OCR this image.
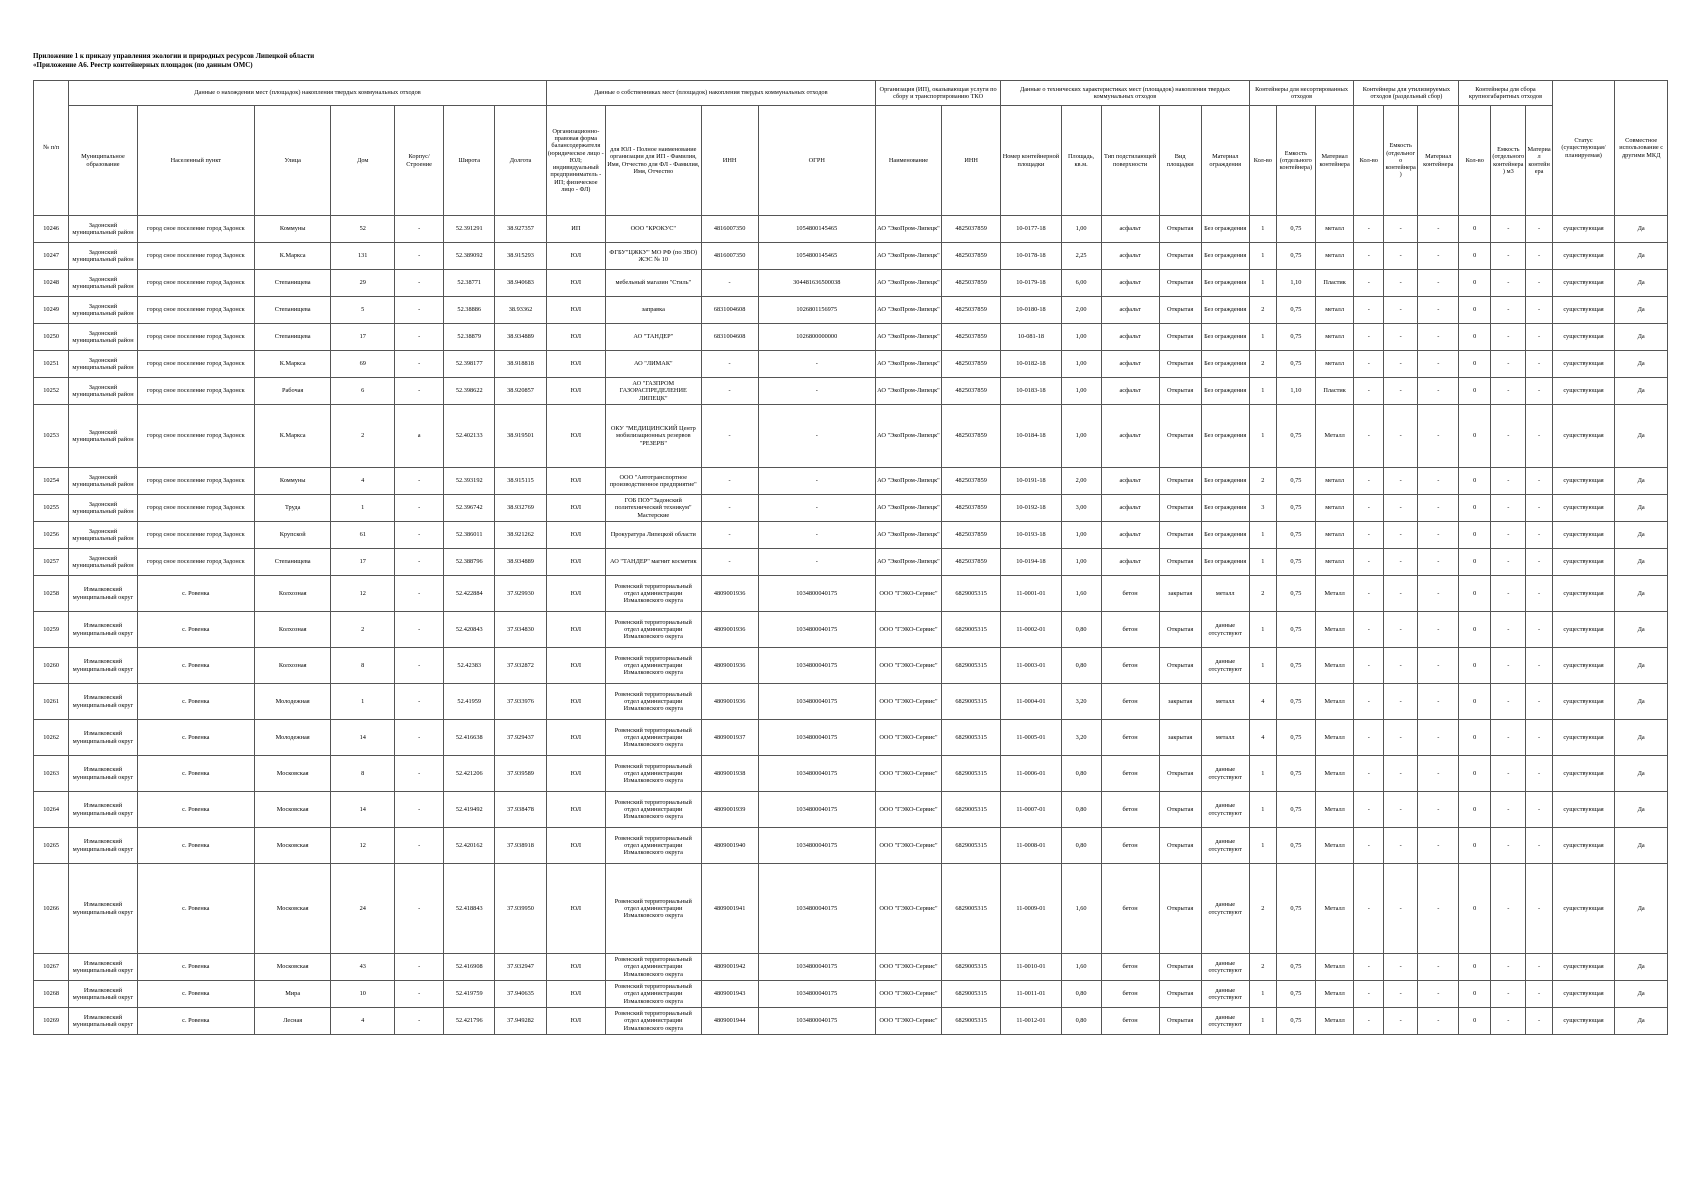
Приложение 1 к приказу управления экологии и природных ресурсов Липецкой области
«Приложение А6. Реестр контейнерных площадок (по данным ОМС)
№ п/п	Данные о нахождении мест (площадок) накопления твердых коммунальных отходов							Данные о собственниках мест (площадок) накопления твердых коммунальных отходов				Организация (ИП), оказывающая услуги по сбору и транспортированию ТКО		Данные о технических характеристиках мест (площадок) накопления твердых коммунальных отходов					Контейнеры для несортированных отходов			Контейнеры для утилизируемых отходов (раздельный сбор)			Контейнеры для сбора крупногабаритных отходов			Статус (существующая/планируемая)	Совместное использование с другими МКД
	Муниципальное образование	Населенный пункт	Улица	Дом	Корпус/Строение	Широта	Долгота	Организационно-правовая форма балансодержателя (юридическое лицо - ЮЛ; индивидуальный предприниматель - ИП; физическое лицо - ФЛ)	для ЮЛ - Полное наименование организации для ИП - Фамилия, Имя, Отчество для ФЛ - Фамилия, Имя, Отчество	ИНН	ОГРН	Наименование	ИНН	Номер контейнерной площадки	Площадь, кв.м.	Тип подстилающей поверхности	Вид площадки	Материал ограждения	Кол-во	Емкость (отдельного контейнера)	Материал контейнера	Кол-во	Емкость (отдельного контейнера)	Материал контейнера	Кол-во	Емкость (отдельного контейнера) м3	Материал контейнера		
10246	Задонский муниципальный район	город сное поселение город Задонск	Коммуны	52	-	52.391291	38.927357	ИП	ООО "КРОКУС"	4816007350	1054800145465	АО "ЭкоПром-Липецк"	4825037859	10-0177-18	1,00	асфальт	Открытая	Без ограждения	1	0,75	металл	-	-	-	0	-	-	существующая	Да
10247	Задонский муниципальный район	город сное поселение город Задонск	К.Маркса	131	-	52.389092	38.915293	ЮЛ	ФГБУ"ЦЖКУ" МО РФ (по ЗВО) ЖЭС № 10	4816007350	1054800145465	АО "ЭкоПром-Липецк"	4825037859	10-0178-18	2,25	асфальт	Открытая	Без ограждения	1	0,75	металл	-	-	-	0	-	-	существующая	Да
10248	Задонский муниципальный район	город сное поселение город Задонск	Степанищева	29	-	52.38771	38.940683	ЮЛ	мебельный магазин "Стиль"	-	304481636500038	АО "ЭкоПром-Липецк"	4825037859	10-0179-18	6,00	асфальт	Открытая	Без ограждения	1	1,10	Пластик	-	-	-	0	-	-	существующая	Да
10249	Задонский муниципальный район	город сное поселение город Задонск	Степанищева	5	-	52.38886	38.93362	ЮЛ	заправка	6831004608	1026801156975	АО "ЭкоПром-Липецк"	4825037859	10-0180-18	2,00	асфальт	Открытая	Без ограждения	2	0,75	металл	-	-	-	0	-	-	существующая	Да
10250	Задонский муниципальный район	город сное поселение город Задонск	Степанищева	17	-	52.38879	38.934889	ЮЛ	АО "ТАНДЕР"	6831004608	1026800000000	АО "ЭкоПром-Липецк"	4825037859	10-081-18	1,00	асфальт	Открытая	Без ограждения	1	0,75	металл	-	-	-	0	-	-	существующая	Да
10251	Задонский муниципальный район	город сное поселение город Задонск	К.Маркса	69	-	52.398177	38.918818	ЮЛ	АО "ЛИМАК"	-	-	АО "ЭкоПром-Липецк"	4825037859	10-0182-18	1,00	асфальт	Открытая	Без ограждения	2	0,75	металл	-	-	-	0	-	-	существующая	Да
10252	Задонский муниципальный район	город сное поселение город Задонск	Рабочая	6	-	52.398622	38.920857	ЮЛ	АО "ГАЗПРОМ ГАЗОРАСПРЕДЕЛЕНИЕ ЛИПЕЦК"	-	-	АО "ЭкоПром-Липецк"	4825037859	10-0183-18	1,00	асфальт	Открытая	Без ограждения	1	1,10	Пластик	-	-	-	0	-	-	существующая	Да
10253	Задонский муниципальный район	город сное поселение город Задонск	К.Маркса	2	а	52.402133	38.919501	ЮЛ	ОКУ "МЕДИЦИНСКИЙ Центр мобилизационных резервов "РЕЗЕРВ"	-	-	АО "ЭкоПром-Липецк"	4825037859	10-0184-18	1,00	асфальт	Открытая	Без ограждения	1	0,75	Металл	-	-	-	0	-	-	существующая	Да
10254	Задонский муниципальный район	город сное поселение город Задонск	Коммуны	4	-	52.393192	38.915115	ЮЛ	ООО "Автотранспортное производственное предприятие"	-	-	АО "ЭкоПром-Липецк"	4825037859	10-0191-18	2,00	асфальт	Открытая	Без ограждения	2	0,75	металл	-	-	-	0	-	-	существующая	Да
10255	Задонский муниципальный район	город сное поселение город Задонск	Труда	1	-	52.396742	38.932769	ЮЛ	ГОБ ПОУ"Задонский политехнический техникум" Мастерские	-	-	АО "ЭкоПром-Липецк"	4825037859	10-0192-18	3,00	асфальт	Открытая	Без ограждения	3	0,75	металл	-	-	-	0	-	-	существующая	Да
10256	Задонский муниципальный район	город сное поселение город Задонск	Крупской	61	-	52.386011	38.921262	ЮЛ	Прокуратура Липецкой области	-	-	АО "ЭкоПром-Липецк"	4825037859	10-0193-18	1,00	асфальт	Открытая	Без ограждения	1	0,75	металл	-	-	-	0	-	-	существующая	Да
10257	Задонский муниципальный район	город сное поселение город Задонск	Степанищева	17	-	52.388796	38.934889	ЮЛ	АО "ТАНДЕР" магнит косметик	-	-	АО "ЭкоПром-Липецк"	4825037859	10-0194-18	1,00	асфальт	Открытая	Без ограждения	1	0,75	металл	-	-	-	0	-	-	существующая	Да
10258	Измалковский муниципальный округ	с. Ровенка	Колхозная	12	-	52.422884	37.929930	ЮЛ	Ровенский территориальный отдел администрации Измалковского округа	4809001936	1034800040175	ООО "ГЭКО-Сервис"	6829005315	11-0001-01	1,60	бетон	закрытая	металл	2	0,75	Металл	-	-	-	0	-	-	существующая	Да
10259	Измалковский муниципальный округ	с. Ровенка	Колхозная	2	-	52.420843	37.934830	ЮЛ	Ровенский территориальный отдел администрации Измалковского округа	4809001936	1034800040175	ООО "ГЭКО-Сервис"	6829005315	11-0002-01	0,80	бетон	Открытая	данные отсутствуют	1	0,75	Металл	-	-	-	0	-	-	существующая	Да
10260	Измалковский муниципальный округ	с. Ровенка	Колхозная	8	-	52.42383	37.932872	ЮЛ	Ровенский территориальный отдел администрации Измалковского округа	4809001936	1034800040175	ООО "ГЭКО-Сервис"	6829005315	11-0003-01	0,80	бетон	Открытая	данные отсутствуют	1	0,75	Металл	-	-	-	0	-	-	существующая	Да
10261	Измалковский муниципальный округ	с. Ровенка	Молодежная	1	-	52.41959	37.933976	ЮЛ	Ровенский территориальный отдел администрации Измалковского округа	4809001936	1034800040175	ООО "ГЭКО-Сервис"	6829005315	11-0004-01	3,20	бетон	закрытая	металл	4	0,75	Металл	-	-	-	0	-	-	существующая	Да
10262	Измалковский муниципальный округ	с. Ровенка	Молодежная	14	-	52.416638	37.929437	ЮЛ	Ровенский территориальный отдел администрации Измалковского округа	4809001937	1034800040175	ООО "ГЭКО-Сервис"	6829005315	11-0005-01	3,20	бетон	закрытая	металл	4	0,75	Металл	-	-	-	0	-	-	существующая	Да
10263	Измалковский муниципальный округ	с. Ровенка	Московская	8	-	52.421206	37.939589	ЮЛ	Ровенский территориальный отдел администрации Измалковского округа	4809001938	1034800040175	ООО "ГЭКО-Сервис"	6829005315	11-0006-01	0,80	бетон	Открытая	данные отсутствуют	1	0,75	Металл	-	-	-	0	-	-	существующая	Да
10264	Измалковский муниципальный округ	с. Ровенка	Московская	14	-	52.419492	37.938478	ЮЛ	Ровенский территориальный отдел администрации Измалковского округа	4809001939	1034800040175	ООО "ГЭКО-Сервис"	6829005315	11-0007-01	0,80	бетон	Открытая	данные отсутствуют	1	0,75	Металл	-	-	-	0	-	-	существующая	Да
10265	Измалковский муниципальный округ	с. Ровенка	Московская	12	-	52.420162	37.938918	ЮЛ	Ровенский территориальный отдел администрации Измалковского округа	4809001940	1034800040175	ООО "ГЭКО-Сервис"	6829005315	11-0008-01	0,80	бетон	Открытая	данные отсутствуют	1	0,75	Металл	-	-	-	0	-	-	существующая	Да
10266	Измалковский муниципальный округ	с. Ровенка	Московская	24	-	52.418843	37.939950	ЮЛ	Ровенский территориальный отдел администрации Измалковского округа	4809001941	1034800040175	ООО "ГЭКО-Сервис"	6829005315	11-0009-01	1,60	бетон	Открытая	данные отсутствуют	2	0,75	Металл	-	-	-	0	-	-	существующая	Да
10267	Измалковский муниципальный округ	с. Ровенка	Московская	43	-	52.416908	37.932947	ЮЛ	Ровенский территориальный отдел администрации Измалковского округа	4809001942	1034800040175	ООО "ГЭКО-Сервис"	6829005315	11-0010-01	1,60	бетон	Открытая	данные отсутствуют	2	0,75	Металл	-	-	-	0	-	-	существующая	Да
10268	Измалковский муниципальный округ	с. Ровенка	Мира	10	-	52.419759	37.940635	ЮЛ	Ровенский территориальный отдел администрации Измалковского округа	4809001943	1034800040175	ООО "ГЭКО-Сервис"	6829005315	11-0011-01	0,80	бетон	Открытая	данные отсутствуют	1	0,75	Металл	-	-	-	0	-	-	существующая	Да
10269	Измалковский муниципальный округ	с. Ровенка	Лесная	4	-	52.421796	37.949282	ЮЛ	Ровенский территориальный отдел администрации Измалковского округа	4809001944	1034800040175	ООО "ГЭКО-Сервис"	6829005315	11-0012-01	0,80	бетон	Открытая	данные отсутствуют	1	0,75	Металл	-	-	-	0	-	-	существующая	Да
